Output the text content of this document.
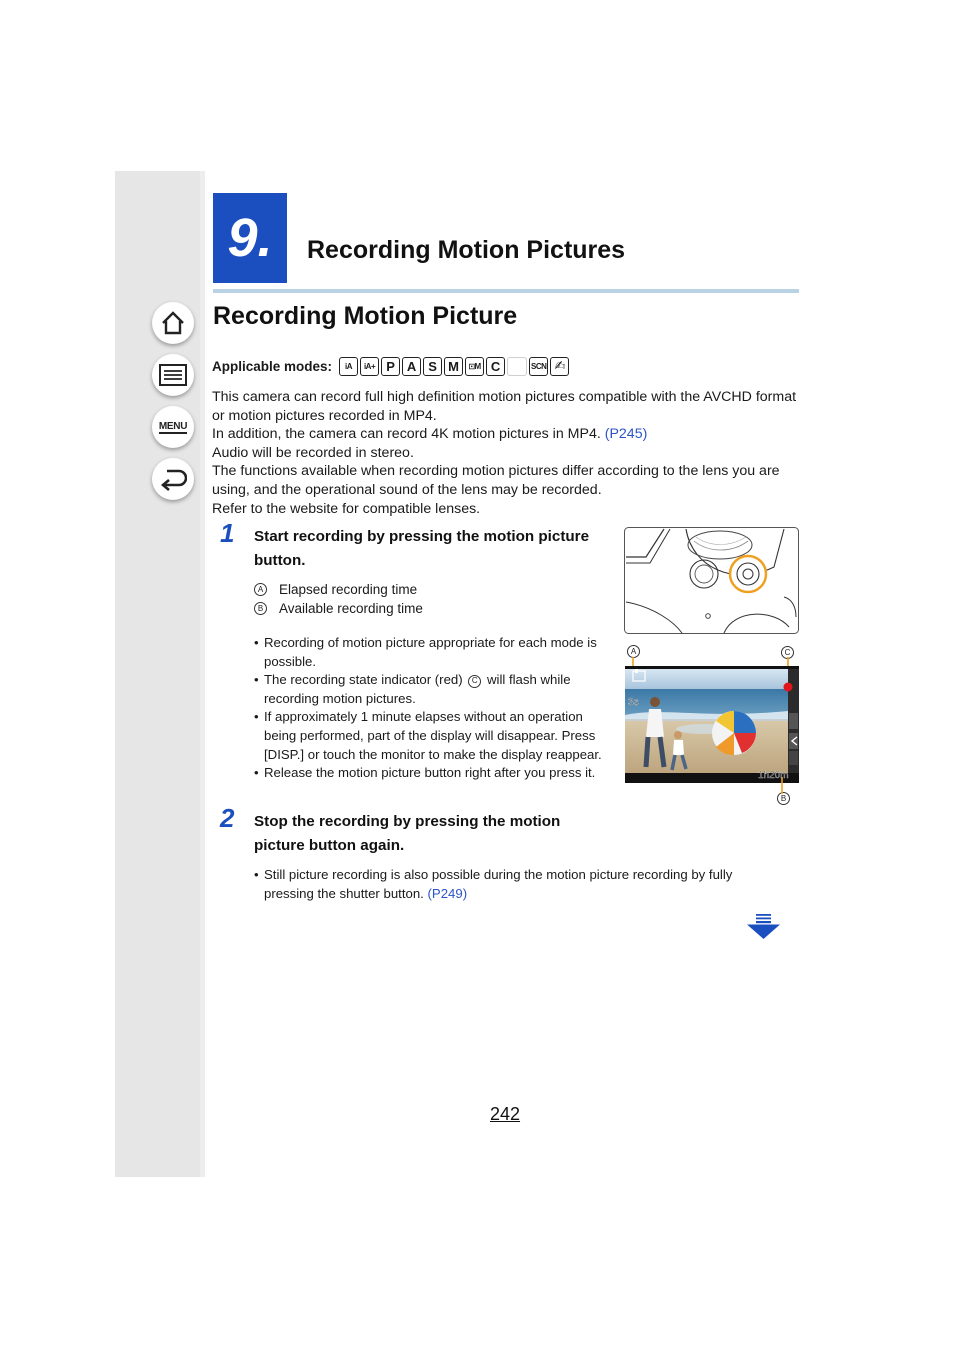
MENU
9. Recording Motion Pictures
Recording Motion Picture
Applicable modes:	iA	iA+ P A S M	⊡M C	SCN ✍

This camera can record full high definition motion pictures compatible with the AVCHD format or motion pictures recorded in MP4.

In addition, the camera can record 4K motion pictures in MP4. (P245)

Audio will be recorded in stereo.

The functions available when recording motion pictures differ according to the lens you are using, and the operational sound of the lens may be recorded.

Refer to the website for compatible lenses.

1 Start recording by pressing the motion picture button.
A Elapsed recording time
B Available recording time
• Recording of motion picture appropriate for each mode is possible.
• The recording state indicator (red) C will flash while recording motion pictures.
• If approximately 1 minute elapses without an operation being performed, part of the display will disappear. Press [DISP.] or touch the monitor to make the display reappear.
• Release the motion picture button right after you press it.
A	C
B
3s
1h20m
2 Stop the recording by pressing the motion picture button again.
• Still picture recording is also possible during the motion picture recording by fully pressing the shutter button. (P249)
242
